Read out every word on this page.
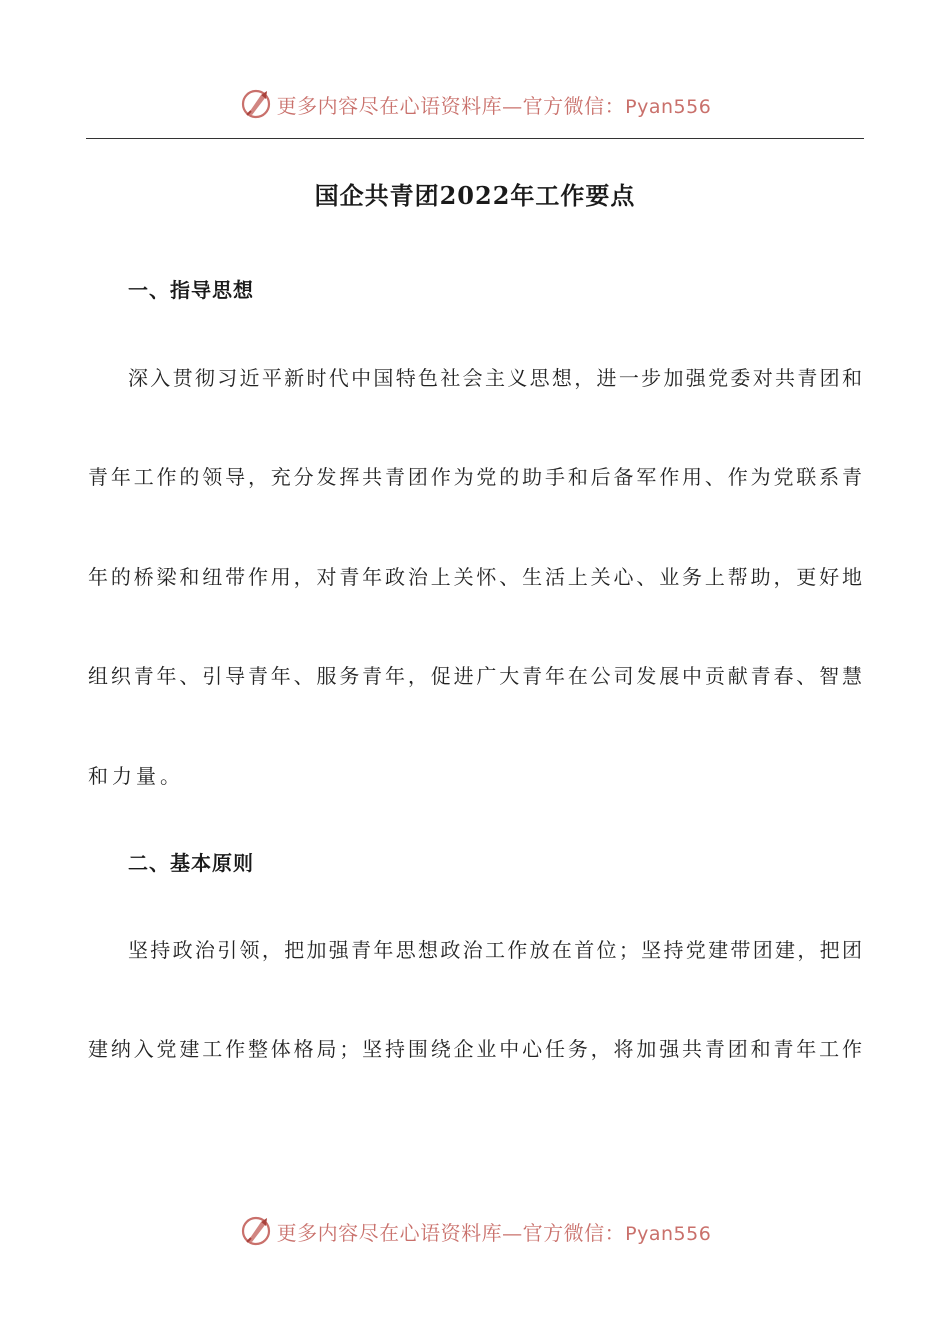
更多内容尽在心语资料库—官方微信：Pyan556
国企共青团2022年工作要点
一、指导思想
深入贯彻习近平新时代中国特色社会主义思想，进一步加强党委对共青团和
青年工作的领导，充分发挥共青团作为党的助手和后备军作用、作为党联系青
年的桥梁和纽带作用，对青年政治上关怀、生活上关心、业务上帮助，更好地
组织青年、引导青年、服务青年，促进广大青年在公司发展中贡献青春、智慧
和力量。
二、基本原则
坚持政治引领，把加强青年思想政治工作放在首位；坚持党建带团建，把团
建纳入党建工作整体格局；坚持围绕企业中心任务，将加强共青团和青年工作
更多内容尽在心语资料库—官方微信：Pyan556
